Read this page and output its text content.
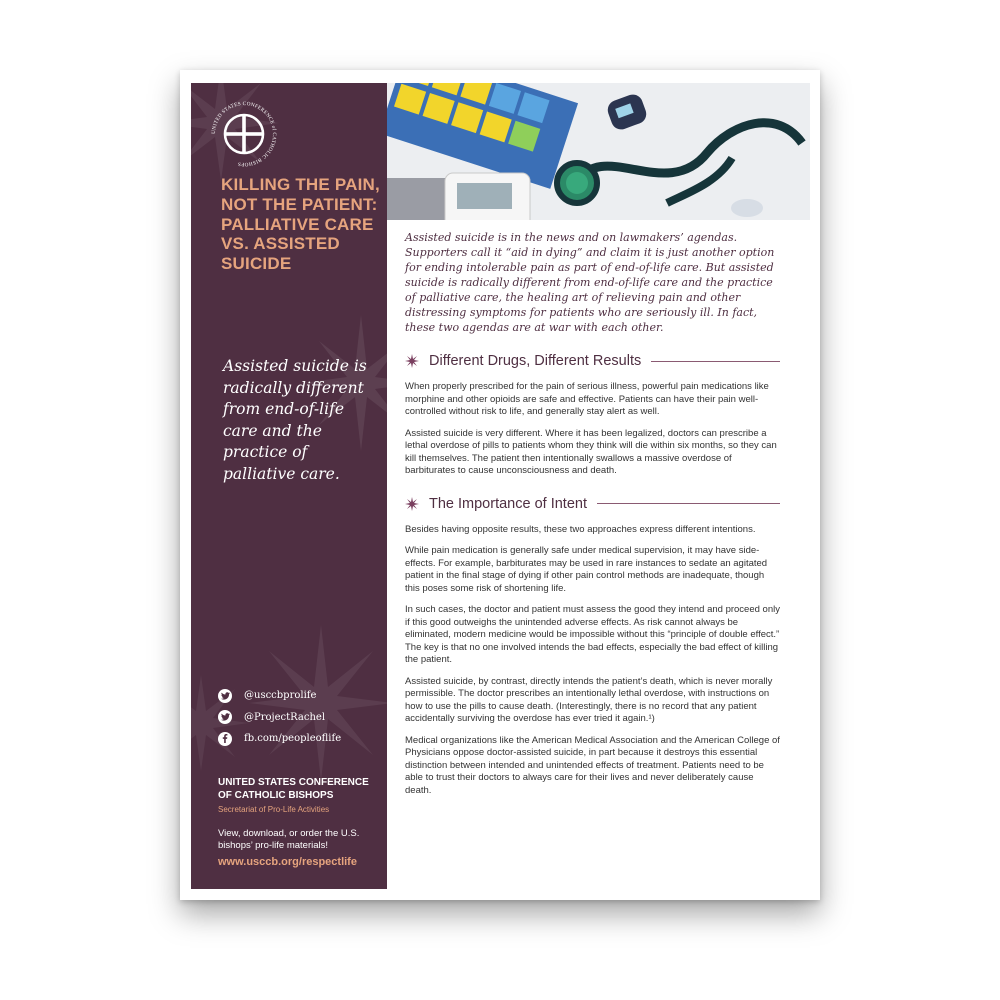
UNITED STATES CONFERENCE of CATHOLIC BISHOPS
KILLING THE PAIN, NOT THE PATIENT: PALLIATIVE CARE VS. ASSISTED SUICIDE

Assisted suicide is radically different from end-of-life care and the practice of palliative care.

@usccbprolife
@ProjectRachel
fb.com/peopleoflife

UNITED STATES CONFERENCE OF CATHOLIC BISHOPS

Secretariat of Pro-Life Activities

View, download, or order the U.S. bishops’ pro-life materials!

www.usccb.org/respectlife

Assisted suicide is in the news and on lawmakers’ agendas. Supporters call it “aid in dying” and claim it is just another option for ending intolerable pain as part of end-of-life care. But assisted suicide is radically different from end-of-life care and the practice of palliative care, the healing art of relieving pain and other distressing symptoms for patients who are seriously ill. In fact, these two agendas are at war with each other.

Different Drugs, Different Results

When properly prescribed for the pain of serious illness, powerful pain medications like morphine and other opioids are safe and effective. Patients can have their pain well-controlled without risk to life, and generally stay alert as well.

Assisted suicide is very different. Where it has been legalized, doctors can prescribe a lethal overdose of pills to patients whom they think will die within six months, so they can kill themselves. The patient then intentionally swallows a massive overdose of barbiturates to cause unconsciousness and death.

The Importance of Intent

Besides having opposite results, these two approaches express different intentions.

While pain medication is generally safe under medical supervision, it may have side-effects. For example, barbiturates may be used in rare instances to sedate an agitated patient in the final stage of dying if other pain control methods are inadequate, though this poses some risk of shortening life.

In such cases, the doctor and patient must assess the good they intend and proceed only if this good outweighs the unintended adverse effects. As risk cannot always be eliminated, modern medicine would be impossible without this “principle of double effect.” The key is that no one involved intends the bad effects, especially the bad effect of killing the patient.

Assisted suicide, by contrast, directly intends the patient’s death, which is never morally permissible. The doctor prescribes an intentionally lethal overdose, with instructions on how to use the pills to cause death. (Interestingly, there is no record that any patient accidentally surviving the overdose has ever tried it again.¹)

Medical organizations like the American Medical Association and the American College of Physicians oppose doctor-assisted suicide, in part because it destroys this essential distinction between intended and unintended effects of treatment. Patients need to be able to trust their doctors to always care for their lives and never deliberately cause death.
